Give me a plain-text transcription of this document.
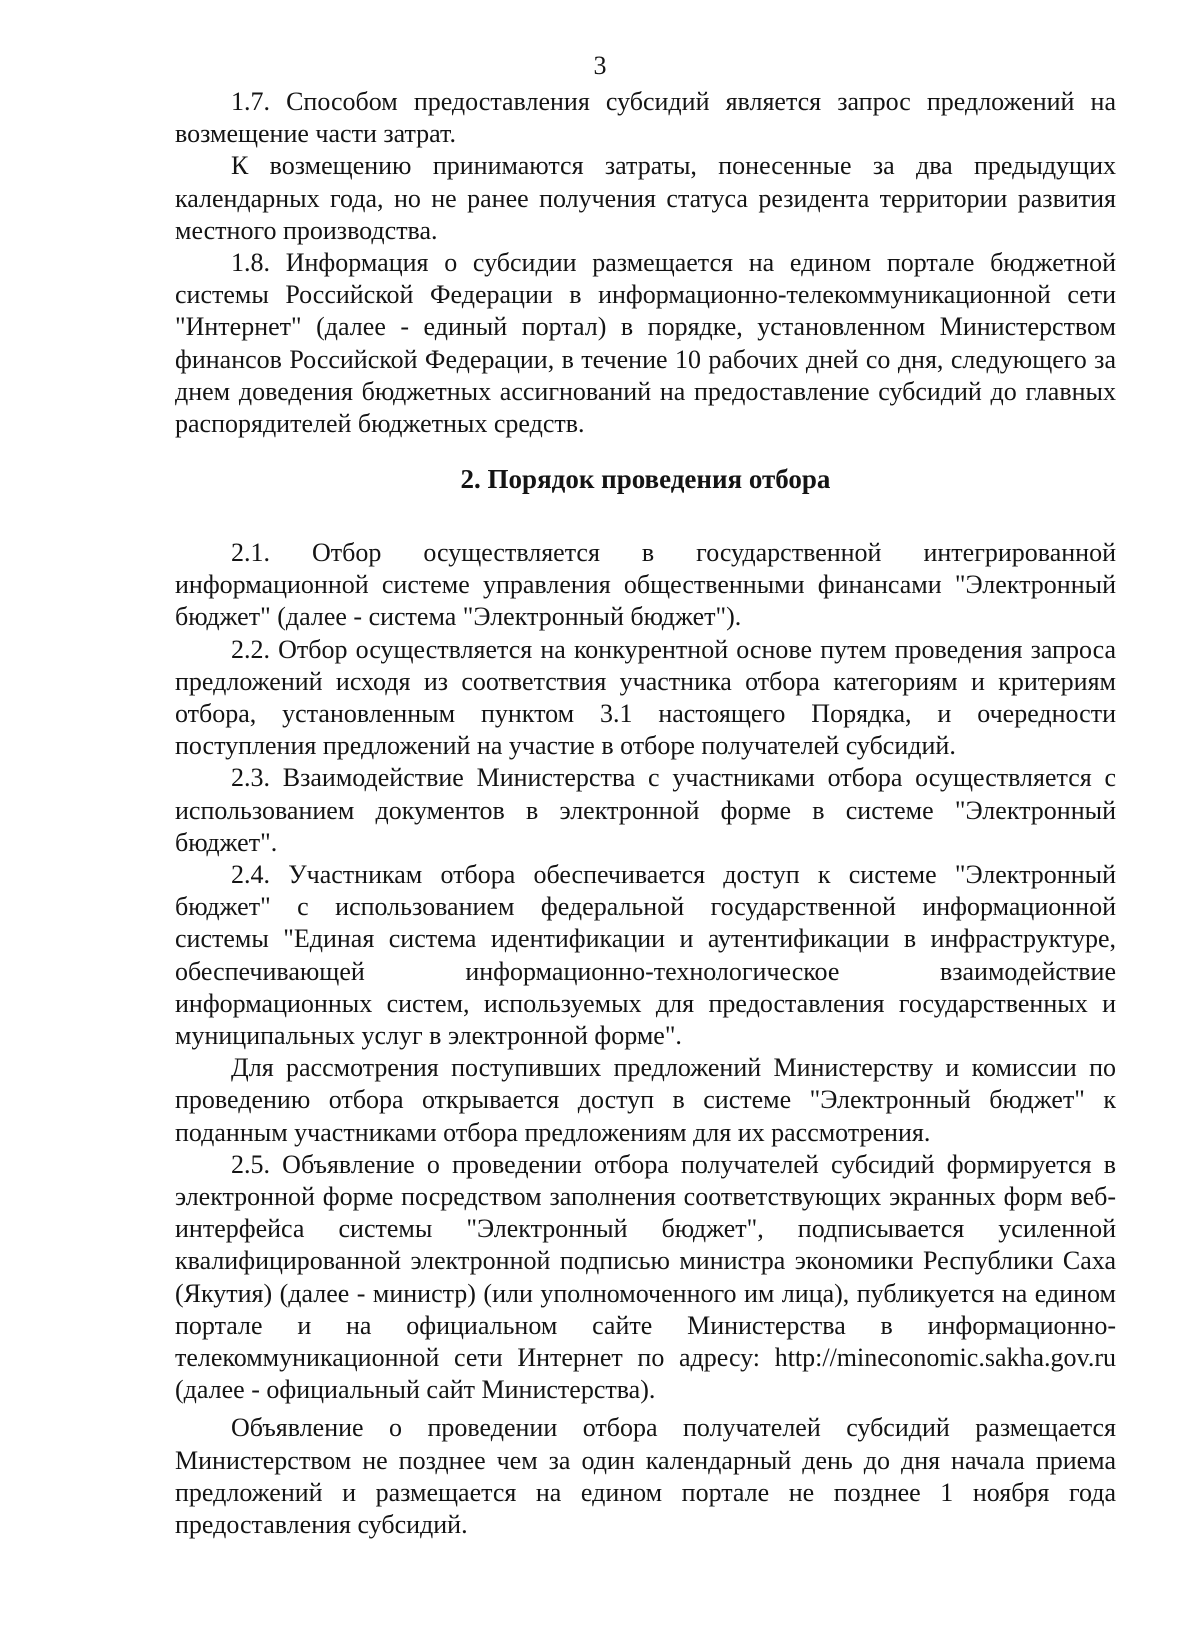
3

1.7. Способом предоставления субсидий является запрос предложений на возмещение части затрат.

К возмещению принимаются затраты, понесенные за два предыдущих календарных года, но не ранее получения статуса резидента территории развития местного производства.

1.8. Информация о субсидии размещается на едином портале бюджетной системы Российской Федерации в информационно-телекоммуникационной сети "Интернет" (далее - единый портал) в порядке, установленном Министерством финансов Российской Федерации, в течение 10 рабочих дней со дня, следующего за днем доведения бюджетных ассигнований на предоставление субсидий до главных распорядителей бюджетных средств.

2. Порядок проведения отбора

2.1. Отбор осуществляется в государственной интегрированной информационной системе управления общественными финансами "Электронный бюджет" (далее - система "Электронный бюджет").

2.2. Отбор осуществляется на конкурентной основе путем проведения запроса предложений исходя из соответствия участника отбора категориям и критериям отбора, установленным пунктом 3.1 настоящего Порядка, и очередности поступления предложений на участие в отборе получателей субсидий.

2.3. Взаимодействие Министерства с участниками отбора осуществляется с использованием документов в электронной форме в системе "Электронный бюджет".

2.4. Участникам отбора обеспечивается доступ к системе "Электронный бюджет" с использованием федеральной государственной информационной системы "Единая система идентификации и аутентификации в инфраструктуре, обеспечивающей информационно-технологическое взаимодействие информационных систем, используемых для предоставления государственных и муниципальных услуг в электронной форме".

Для рассмотрения поступивших предложений Министерству и комиссии по проведению отбора открывается доступ в системе "Электронный бюджет" к поданным участниками отбора предложениям для их рассмотрения.

2.5. Объявление о проведении отбора получателей субсидий формируется в электронной форме посредством заполнения соответствующих экранных форм веб-интерфейса системы "Электронный бюджет", подписывается усиленной квалифицированной электронной подписью министра экономики Республики Саха (Якутия) (далее - министр) (или уполномоченного им лица), публикуется на едином портале и на официальном сайте Министерства в информационно-телекоммуникационной сети Интернет по адресу: http://mineconomic.sakha.gov.ru (далее - официальный сайт Министерства).

Объявление о проведении отбора получателей субсидий размещается Министерством не позднее чем за один календарный день до дня начала приема предложений и размещается на едином портале не позднее 1 ноября года предоставления субсидий.
